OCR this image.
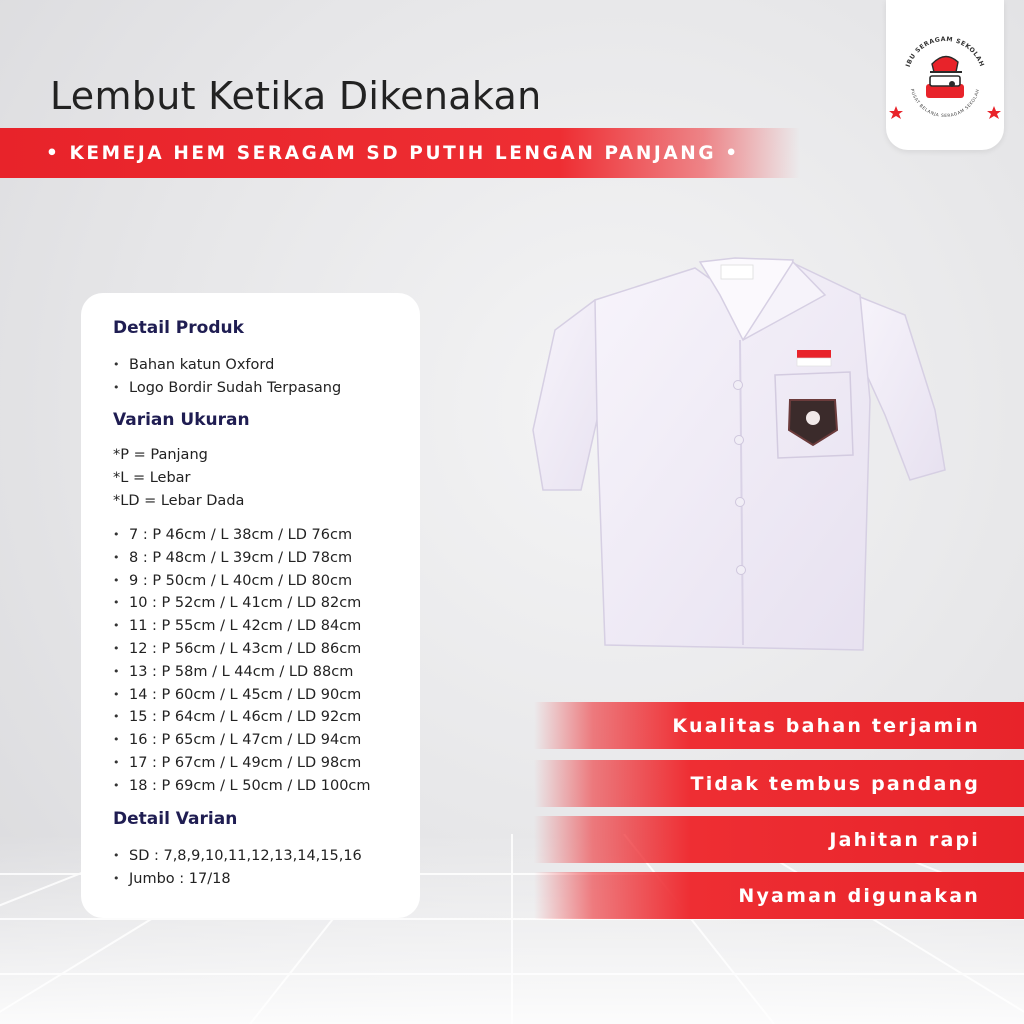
Lembut Ketika Dikenakan
• KEMEJA HEM SERAGAM SD PUTIH LENGAN PANJANG •
IBU SERAGAM SEKOLAH
PUSAT BELANJA SERAGAM SEKOLAH
Detail Produk
• Bahan katun Oxford
• Logo Bordir Sudah Terpasang
Varian Ukuran
*P = Panjang
*L = Lebar
*LD = Lebar Dada
• 7 : P 46cm / L 38cm / LD 76cm
• 8 : P 48cm / L 39cm / LD 78cm
• 9 : P 50cm / L 40cm / LD 80cm
• 10 : P 52cm / L 41cm / LD 82cm
• 11 : P 55cm / L 42cm / LD 84cm
• 12 : P 56cm / L 43cm / LD 86cm
• 13 : P 58m / L 44cm / LD 88cm
• 14 : P 60cm / L 45cm / LD 90cm
• 15 : P 64cm / L 46cm / LD 92cm
• 16 : P 65cm / L 47cm / LD 94cm
• 17 : P 67cm / L 49cm / LD 98cm
• 18 : P 69cm / L 50cm / LD 100cm
Detail Varian
• SD : 7,8,9,10,11,12,13,14,15,16
• Jumbo : 17/18
Kualitas bahan terjamin
Tidak tembus pandang
Jahitan rapi
Nyaman digunakan
